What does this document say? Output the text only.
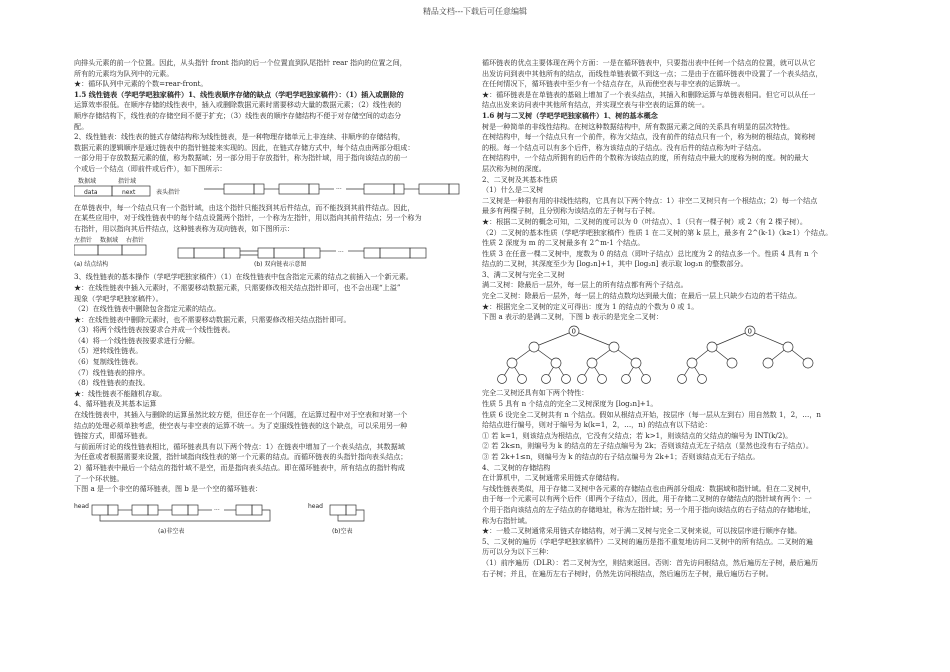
精品文档---下载后可任意编辑

向排头元素的前一个位置。因此，从头指针 front 指向的后一个位置直到队尾指针 rear 指向的位置之间，

所有的元素均为队列中的元素。

★：循环队列中元素的个数=rear-front。

1.5 线性链表（学吧学吧独家稿件）1、线性表顺序存储的缺点（学吧学吧独家稿件）：（1）插入或删除的

运算效率很低。在顺序存储的线性表中，插入或删除数据元素时需要移动大量的数据元素；（2）线性表的

顺序存储结构下，线性表的存储空间不便于扩充；（3）线性表的顺序存储结构不便于对存储空间的动态分

配。

2、线性链表：线性表的链式存储结构称为线性链表，是一种物理存储单元上非连续、非顺序的存储结构，

数据元素的逻辑顺序是通过链表中的指针链接来实现的。因此，在链式存储方式中，每个结点由两部分组成：

一部分用于存放数据元素的值，称为数据域；另一部分用于存放指针，称为指针域，用于指向该结点的前一

个或后一个结点（即前件或后件），如下图所示：

数据域	指针域
data	next	表头指针	···

在单链表中，每一个结点只有一个指针域，由这个指针只能找到其后件结点，而不能找到其前件结点。因此，

在某些应用中，对于线性链表中的每个结点设置两个指针，一个称为左指针，用以指向其前件结点；另一个称为

右指针，用以指向其后件结点，这种链表称为双向链表，如下图所示：

左指针 数据域 右指针
···
(a) 结点结构	(b) 双向链表示意图

3、线性链表的基本操作（学吧学吧独家稿件）（1）在线性链表中包含指定元素的结点之前插入一个新元素。

★：在线性链表中插入元素时，不需要移动数据元素，只需要修改相关结点指针即可，也不会出现“上溢”

现象（学吧学吧独家稿件）。

（2）在线性链表中删除包含指定元素的结点。

★：在线性链表中删除元素时，也不需要移动数据元素，只需要修改相关结点指针即可。

（3）将两个线性链表按要求合并成一个线性链表。

（4）将一个线性链表按要求进行分解。

（5）逆转线性链表。

（6）复制线性链表。

（7）线性链表的排序。

（8）线性链表的查找。

★：线性链表不能随机存取。

4、循环链表及其基本运算

在线性链表中，其插入与删除的运算虽然比较方便，但还存在一个问题，在运算过程中对于空表和对第一个

结点的处理必须单独考虑，使空表与非空表的运算不统一。为了克服线性链表的这个缺点，可以采用另一种

链接方式，即循环链表。

与前面所讨论的线性链表相比，循环链表具有以下两个特点：1）在链表中增加了一个表头结点，其数据域

为任意或者根据需要来设置，指针域指向线性表的第一个元素的结点。而循环链表的头指针指向表头结点；

2）循环链表中最后一个结点的指针域不是空，而是指向表头结点。即在循环链表中，所有结点的指针构成

了一个环状链。

下图 a 是一个非空的循环链表，图 b 是一个空的循环链表：

···
head	head
(a)非空表	(b)空表

循环链表的优点主要体现在两个方面：一是在循环链表中，只要指出表中任何一个结点的位置，就可以从它

出发访问到表中其他所有的结点，而线性单链表做不到这一点；二是由于在循环链表中设置了一个表头结点，

在任何情况下，循环链表中至少有一个结点存在，从而使空表与非空表的运算统一。

★：循环链表是在单链表的基础上增加了一个表头结点，其插入和删除运算与单链表相同。但它可以从任一

结点出发来访问表中其他所有结点，并实现空表与非空表的运算的统一。

1.6 树与二叉树（学吧学吧独家稿件）1、树的基本概念

树是一种简单的非线性结构。在树这种数据结构中，所有数据元素之间的关系具有明显的层次特性。

在树结构中，每一个结点只有一个前件，称为父结点，没有前件的结点只有一个，称为树的根结点，简称树

的根。每一个结点可以有多个后件，称为该结点的子结点。没有后件的结点称为叶子结点。

在树结构中，一个结点所拥有的后件的个数称为该结点的度，所有结点中最大的度称为树的度。树的最大

层次称为树的深度。

2、二叉树及其基本性质

（1）什么是二叉树

二叉树是一种很有用的非线性结构，它具有以下两个特点：1）非空二叉树只有一个根结点；2）每一个结点

最多有两棵子树，且分别称为该结点的左子树与右子树。

★：根据二叉树的概念可知，二叉树的度可以为 0（叶结点）、1（只有一棵子树）或 2（有 2 棵子树）。

（2）二叉树的基本性质（学吧学吧独家稿件）性质 1 在二叉树的第 k 层上，最多有 2^(k-1)（k≥1）个结点。

性质 2 深度为 m 的二叉树最多有 2^m-1 个结点。

性质 3 在任意一棵二叉树中，度数为 0 的结点（即叶子结点）总比度为 2 的结点多一个。性质 4 具有 n 个

结点的二叉树，其深度至少为 [log₂n]+1，其中 [log₂n] 表示取 log₂n 的整数部分。

3、满二叉树与完全二叉树

满二叉树：除最后一层外，每一层上的所有结点都有两个子结点。

完全二叉树：除最后一层外，每一层上的结点数均达到最大值；在最后一层上只缺少右边的若干结点。

★：根据完全二叉树的定义可得出：度为 1 的结点的个数为 0 或 1。

下图 a 表示的是满二叉树，下图 b 表示的是完全二叉树：

0	0

完全二叉树还具有如下两个特性：

性质 5 具有 n 个结点的完全二叉树深度为 [log₂n]+1。

性质 6 设完全二叉树共有 n 个结点。假如从根结点开始，按层序（每一层从左到右）用自然数 1，2，…，n

给结点进行编号，则对于编号为 k(k=1，2，…，n) 的结点有以下结论：

① 若 k=1，则该结点为根结点，它没有父结点；若 k>1，则该结点的父结点的编号为 INT(k/2)。

② 若 2k≤n，则编号为 k 的结点的左子结点编号为 2k；否则该结点无左子结点（显然也没有右子结点）。

③ 若 2k+1≤n，则编号为 k 的结点的右子结点编号为 2k+1；否则该结点无右子结点。

4、二叉树的存储结构

在计算机中，二叉树通常采用链式存储结构。

与线性链表类似，用于存储二叉树中各元素的存储结点也由两部分组成：数据域和指针域。但在二叉树中，

由于每一个元素可以有两个后件（即两个子结点），因此，用于存储二叉树的存储结点的指针域有两个：一

个用于指向该结点的左子结点的存储地址，称为左指针域；另一个用于指向该结点的右子结点的存储地址，

称为右指针域。

★：一般二叉树通常采用链式存储结构，对于满二叉树与完全二叉树来说，可以按层序进行顺序存储。

5、二叉树的遍历（学吧学吧独家稿件）二叉树的遍历是指不重复地访问二叉树中的所有结点。二叉树的遍

历可以分为以下三种：

（1）前序遍历（DLR）：若二叉树为空，则结束返回。否则：首先访问根结点，然后遍历左子树，最后遍历

右子树；并且，在遍历左右子树时，仍然先访问根结点，然后遍历左子树，最后遍历右子树。
